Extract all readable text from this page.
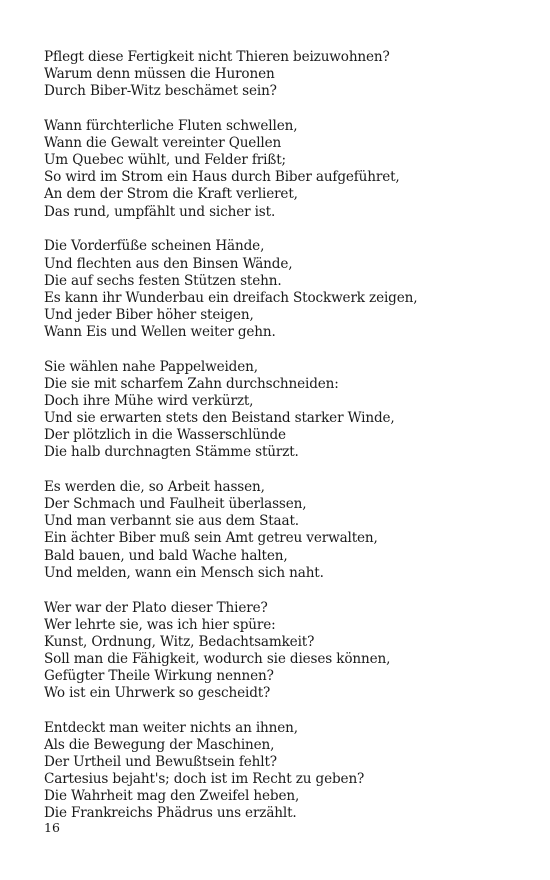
Pflegt diese Fertigkeit nicht Thieren beizuwohnen?
Warum denn müssen die Huronen
Durch Biber-Witz beschämet sein?
Wann fürchterliche Fluten schwellen,
Wann die Gewalt vereinter Quellen
Um Quebec wühlt, und Felder frißt;
So wird im Strom ein Haus durch Biber aufgeführet,
An dem der Strom die Kraft verlieret,
Das rund, umpfählt und sicher ist.
Die Vorderfüße scheinen Hände,
Und flechten aus den Binsen Wände,
Die auf sechs festen Stützen stehn.
Es kann ihr Wunderbau ein dreifach Stockwerk zeigen,
Und jeder Biber höher steigen,
Wann Eis und Wellen weiter gehn.
Sie wählen nahe Pappelweiden,
Die sie mit scharfem Zahn durchschneiden:
Doch ihre Mühe wird verkürzt,
Und sie erwarten stets den Beistand starker Winde,
Der plötzlich in die Wasserschlünde
Die halb durchnagten Stämme stürzt.
Es werden die, so Arbeit hassen,
Der Schmach und Faulheit überlassen,
Und man verbannt sie aus dem Staat.
Ein ächter Biber muß sein Amt getreu verwalten,
Bald bauen, und bald Wache halten,
Und melden, wann ein Mensch sich naht.
Wer war der Plato dieser Thiere?
Wer lehrte sie, was ich hier spüre:
Kunst, Ordnung, Witz, Bedachtsamkeit?
Soll man die Fähigkeit, wodurch sie dieses können,
Gefügter Theile Wirkung nennen?
Wo ist ein Uhrwerk so gescheidt?
Entdeckt man weiter nichts an ihnen,
Als die Bewegung der Maschinen,
Der Urtheil und Bewußtsein fehlt?
Cartesius bejaht's; doch ist im Recht zu geben?
Die Wahrheit mag den Zweifel heben,
Die Frankreichs Phädrus uns erzählt.
16
